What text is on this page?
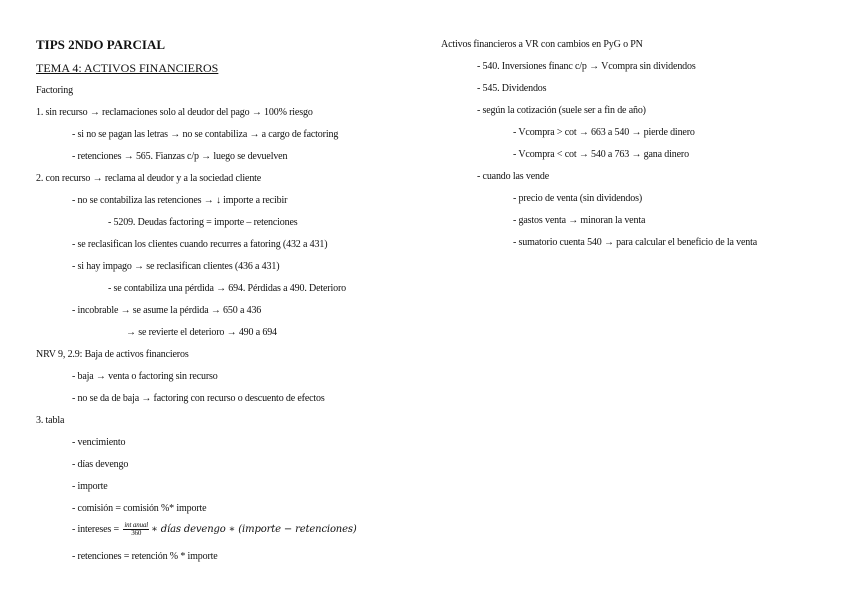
TIPS 2NDO PARCIAL
TEMA 4: ACTIVOS FINANCIEROS
Factoring
1. sin recurso → reclamaciones solo al deudor del pago → 100% riesgo
- si no se pagan las letras → no se contabiliza → a cargo de factoring
- retenciones → 565. Fianzas c/p → luego se devuelven
2. con recurso → reclama al deudor y a la sociedad cliente
- no se contabiliza las retenciones → ↓ importe a recibir
- 5209. Deudas factoring = importe – retenciones
- se reclasifican los clientes cuando recurres a fatoring (432 a 431)
- si hay impago → se reclasifican clientes (436 a 431)
- se contabiliza una pérdida → 694. Pérdidas a 490. Deterioro
- incobrable → se asume la pérdida → 650 a 436
→ se revierte el deterioro → 490 a 694
NRV 9, 2.9: Baja de activos financieros
- baja → venta o factoring sin recurso
- no se da de baja → factoring con recurso o descuento de efectos
3. tabla
- vencimiento
- días devengo
- importe
- comisión = comisión %* importe
- intereses = $\frac{\text{int anual}}{360}$ ∗ días devengo ∗ (importe − retenciones)
- retenciones = retención % * importe
Activos financieros a VR con cambios en PyG o PN
- 540. Inversiones financ c/p → Vcompra sin dividendos
- 545. Dividendos
- según la cotización (suele ser a fin de año)
- Vcompra > cot → 663 a 540 → pierde dinero
- Vcompra < cot → 540 a 763 → gana dinero
- cuando las vende
- precio de venta (sin dividendos)
- gastos venta → minoran la venta
- sumatorio cuenta 540 → para calcular el beneficio de la venta
